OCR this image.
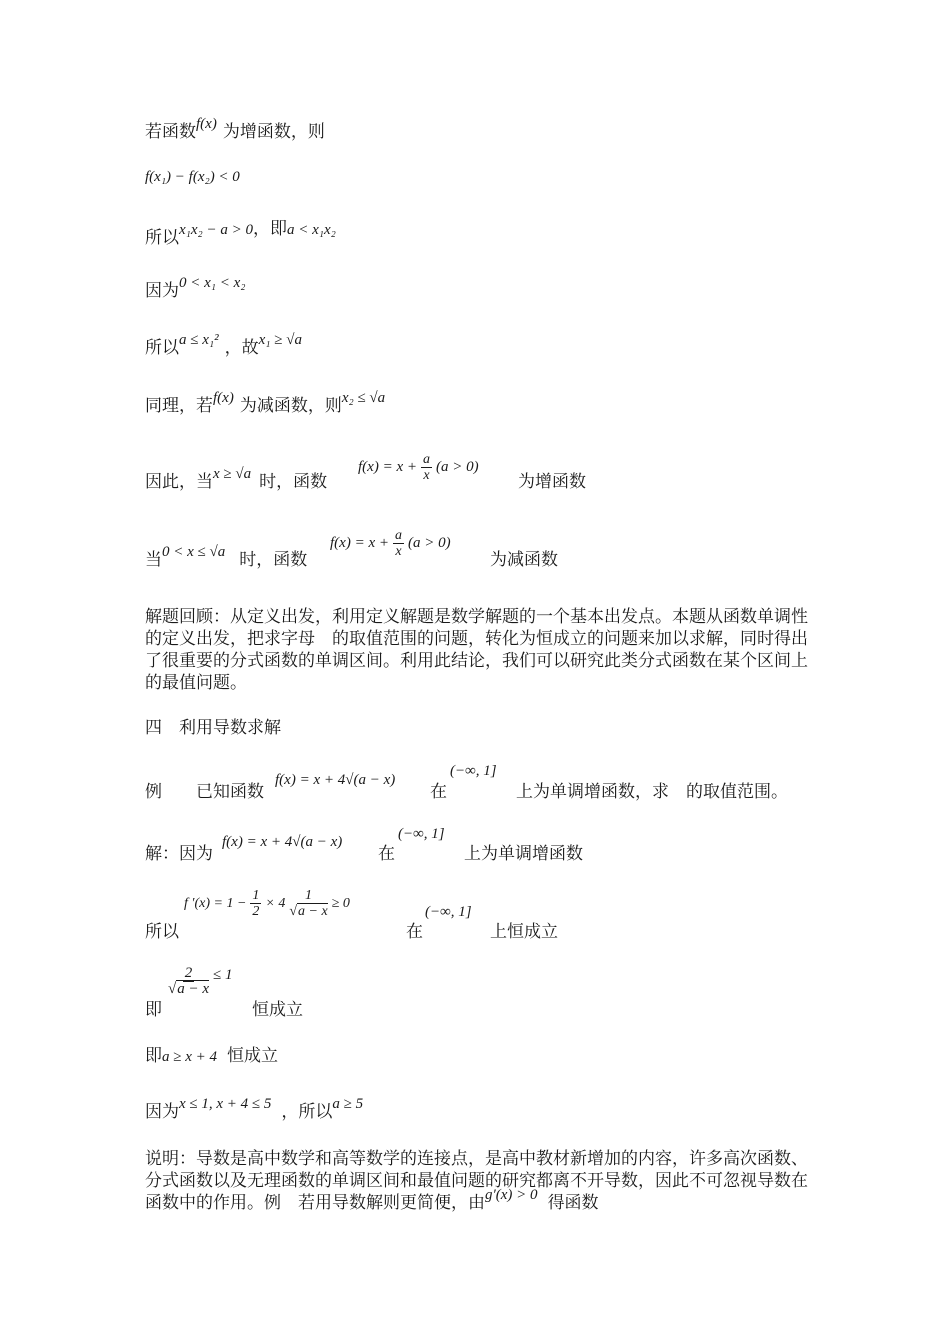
若函数f(x) 为增函数，则
f(x₁) − f(x₂) < 0
所以x₁x₂ − a > 0，即a < x₁x₂
因为0 < x₁ < x₂
所以a ≤ x₁² ，故x₁ ≥ √a
同理，若f(x) 为减函数，则x₂ ≤ √a
因此，当x ≥ √a 时，函数
$f(x) = x + \frac{a}{x} (a > 0)$
为增函数
当0 < x ≤ √a 时，函数
$f(x) = x + \frac{a}{x} (a > 0)$
为减函数
解题回顾：从定义出发，利用定义解题是数学解题的一个基本出发点。本题从函数单调性的定义出发，把求字母　的取值范围的问题，转化为恒成立的问题来加以求解，同时得出了很重要的分式函数的单调区间。利用此结论，我们可以研究此类分式函数在某个区间上的最值问题。
四　利用导数求解
例　　已知函数
f(x) = x + 4√(a − x)
在
(−∞, 1]
上为单调增函数，求　的取值范围。
解：因为
f(x) = x + 4√(a − x)
在
(−∞, 1]
上为单调增函数
所以
f $'(x) = 1 - \frac{1}{2} \times 4 \frac{1}{√a - x} \ge 0$
在
(−∞, 1]
上恒成立
即
$\frac{2}{√a - x} \le 1$
恒成立
即a ≥ x + 4 恒成立
因为x ≤ 1, x + 4 ≤ 5 ，所以a ≥ 5
说明：导数是高中数学和高等数学的连接点，是高中教材新增加的内容，许多高次函数、分式函数以及无理函数的单调区间和最值问题的研究都离不开导数，因此不可忽视导数在函数中的作用。例　若用导数解则更简便，由g′(x) > 0 得函数
